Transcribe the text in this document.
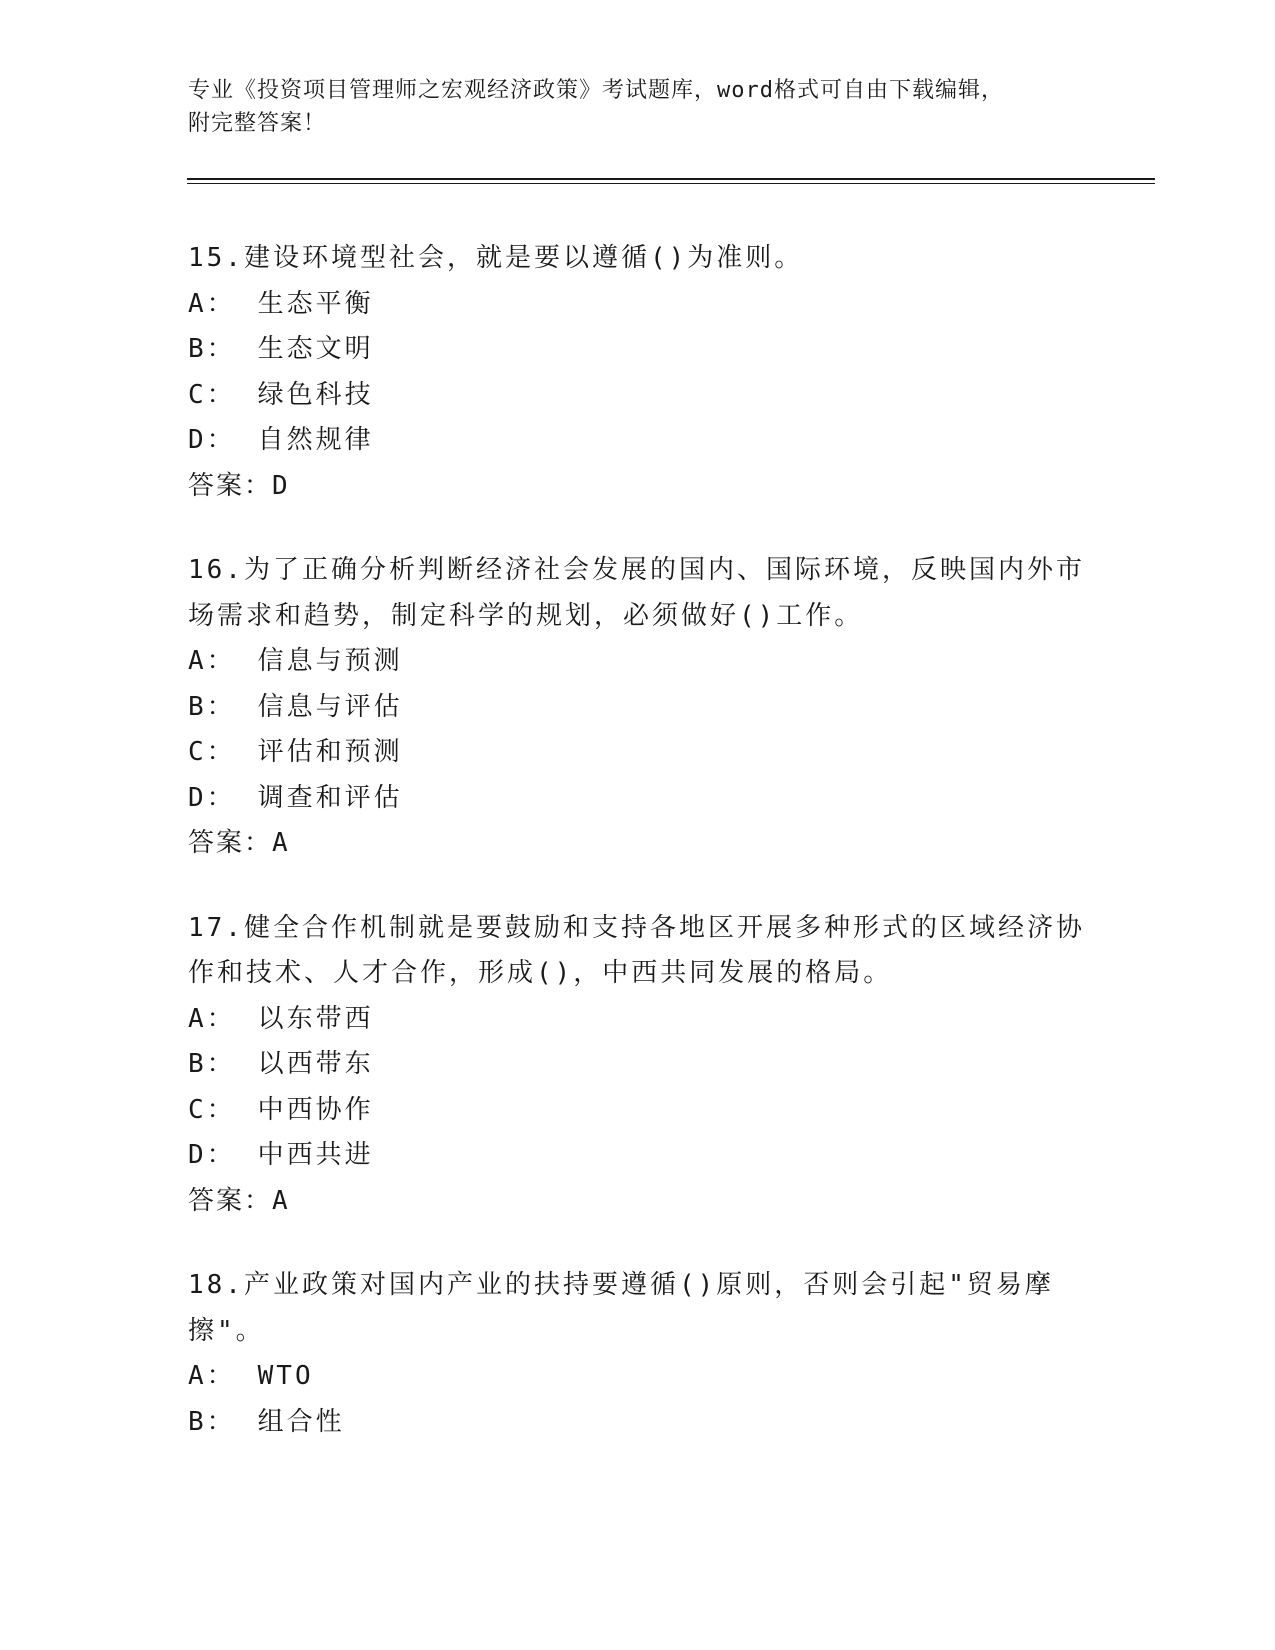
专业《投资项目管理师之宏观经济政策》考试题库，word格式可自由下载编辑，
附完整答案！

15.建设环境型社会，就是要以遵循()为准则。

A： 生态平衡
B： 生态文明
C： 绿色科技
D： 自然规律
答案：D

16.为了正确分析判断经济社会发展的国内、国际环境，反映国内外市场需求和趋势，制定科学的规划，必须做好()工作。

A： 信息与预测
B： 信息与评估
C： 评估和预测
D： 调查和评估
答案：A

17.健全合作机制就是要鼓励和支持各地区开展多种形式的区域经济协作和技术、人才合作，形成()，中西共同发展的格局。

A： 以东带西
B： 以西带东
C： 中西协作
D： 中西共进
答案：A

18.产业政策对国内产业的扶持要遵循()原则，否则会引起"贸易摩擦"。

A： WTO
B： 组合性
